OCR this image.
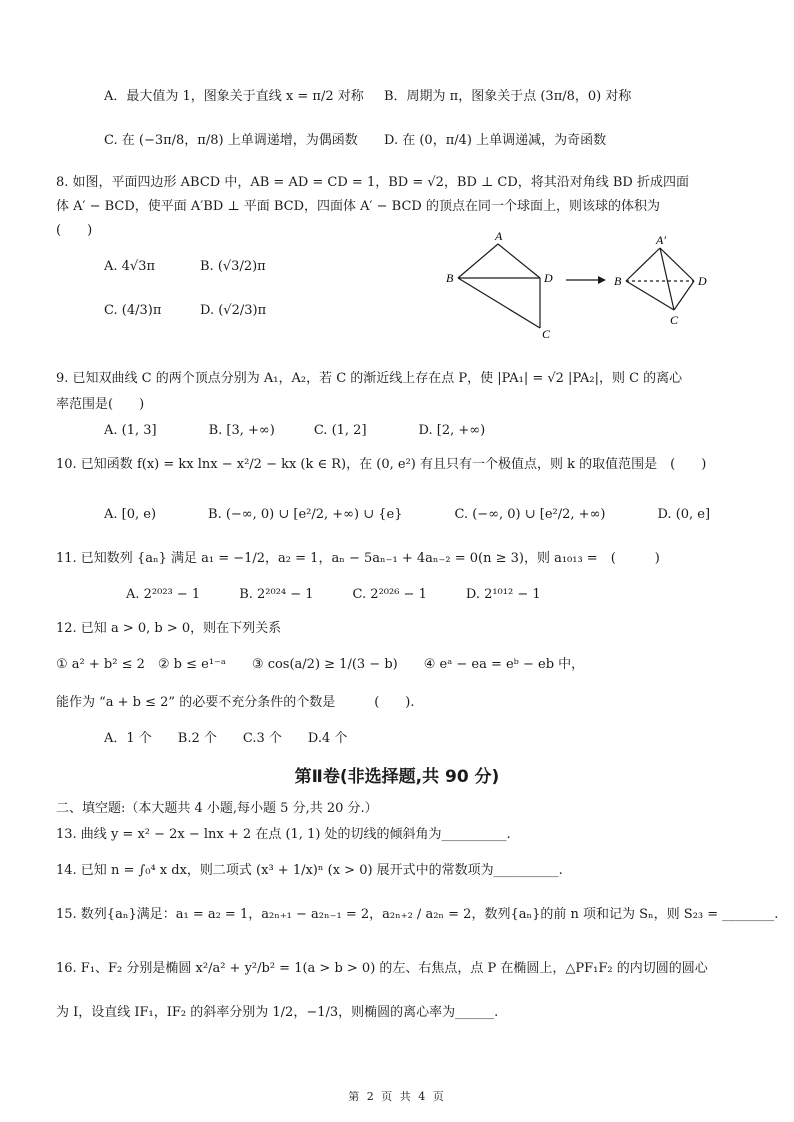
A．最大值为 1，图象关于直线 x = π/2 对称 B．周期为 π，图象关于点 (3π/8，0) 对称
C. 在 (−3π/8，π/8) 上单调递增，为偶函数 D. 在 (0，π/4) 上单调递减，为奇函数
8. 如图，平面四边形 ABCD 中，AB = AD = CD = 1，BD = √2，BD ⊥ CD，将其沿对角线 BD 折成四面
体 A′ − BCD，使平面 A′BD ⊥ 平面 BCD，四面体 A′ − BCD 的顶点在同一个球面上，则该球的体积为
(　　)
A. 4√3π	B. (√3/2)π
C. (4/3)π	D. (√2/3)π
A
B	D
C
A′
B	D
C
9. 已知双曲线 C 的两个顶点分别为 A₁，A₂，若 C 的渐近线上存在点 P，使 |PA₁| = √2 |PA₂|，则 C 的离心
率范围是(　　)
A. (1, 3]　　　　B. [3, +∞)　　　C. (1, 2]　　　　D. [2, +∞)
10. 已知函数 f(x) = kx lnx − x²/2 − kx (k ∈ R)，在 (0, e²) 有且只有一个极值点，则 k 的取值范围是　(　　)
A. [0, e)　　　　B. (−∞, 0) ∪ [e²/2, +∞) ∪ {e}　　　　C. (−∞, 0) ∪ [e²/2, +∞)　　　　D. (0, e]
11. 已知数列 {aₙ} 满足 a₁ = −1/2，a₂ = 1，aₙ − 5aₙ₋₁ + 4aₙ₋₂ = 0(n ≥ 3)，则 a₁₀₁₃ =　(　　　)
A. 2²⁰²³ − 1　　　B. 2²⁰²⁴ − 1　　　C. 2²⁰²⁶ − 1　　　D. 2¹⁰¹² − 1
12. 已知 a > 0, b > 0，则在下列关系
① a² + b² ≤ 2　② b ≤ e¹⁻ᵃ　　③ cos(a/2) ≥ 1/(3 − b)　　④ eᵃ − ea = eᵇ − eb 中，
能作为 “a + b ≤ 2” 的必要不充分条件的个数是　　　(　　).
A．1 个　　B.2 个　　C.3 个　　D.4 个
第Ⅱ卷(非选择题,共 90 分)
二、填空题:（本大题共 4 小题,每小题 5 分,共 20 分.）
13. 曲线 y = x² − 2x − lnx + 2 在点 (1, 1) 处的切线的倾斜角为__________.
14. 已知 n = ∫₀⁴ x dx，则二项式 (x³ + 1/x)ⁿ (x > 0) 展开式中的常数项为__________.
15. 数列{aₙ}满足：a₁ = a₂ = 1，a₂ₙ₊₁ − a₂ₙ₋₁ = 2，a₂ₙ₊₂ / a₂ₙ = 2，数列{aₙ}的前 n 项和记为 Sₙ，则 S₂₃ = ________.
16. F₁、F₂ 分别是椭圆 x²/a² + y²/b² = 1(a > b > 0) 的左、右焦点，点 P 在椭圆上，△PF₁F₂ 的内切圆的圆心
为 I，设直线 IF₁，IF₂ 的斜率分别为 1/2，−1/3，则椭圆的离心率为______.
第 2 页 共 4 页
